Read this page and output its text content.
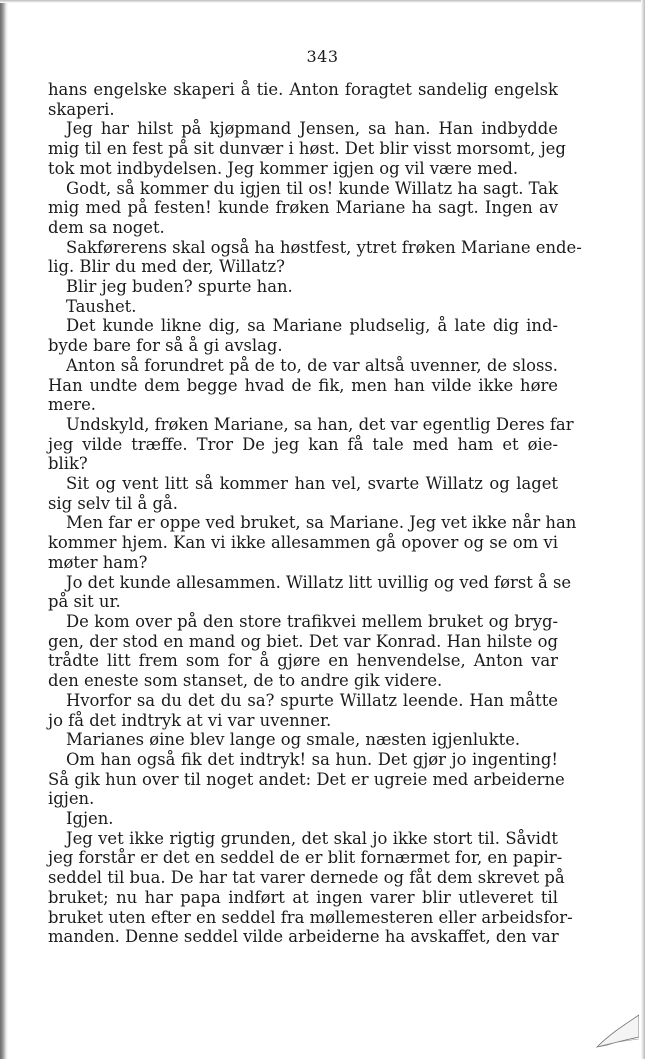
343
hans engelske skaperi å tie. Anton foragtet sandelig engelsk
skaperi.
Jeg har hilst på kjøpmand Jensen, sa han. Han indbydde
mig til en fest på sit dunvær i høst. Det blir visst morsomt, jeg
tok mot indbydelsen. Jeg kommer igjen og vil være med.
Godt, så kommer du igjen til os! kunde Willatz ha sagt. Tak
mig med på festen! kunde frøken Mariane ha sagt. Ingen av
dem sa noget.
Sakførerens skal også ha høstfest, ytret frøken Mariane ende-
lig. Blir du med der, Willatz?
Blir jeg buden? spurte han.
Taushet.
Det kunde likne dig, sa Mariane pludselig, å late dig ind-
byde bare for så å gi avslag.
Anton så forundret på de to, de var altså uvenner, de sloss.
Han undte dem begge hvad de fik, men han vilde ikke høre
mere.
Undskyld, frøken Mariane, sa han, det var egentlig Deres far
jeg vilde træffe. Tror De jeg kan få tale med ham et øie-
blik?
Sit og vent litt så kommer han vel, svarte Willatz og laget
sig selv til å gå.
Men far er oppe ved bruket, sa Mariane. Jeg vet ikke når han
kommer hjem. Kan vi ikke allesammen gå opover og se om vi
møter ham?
Jo det kunde allesammen. Willatz litt uvillig og ved først å se
på sit ur.
De kom over på den store trafikvei mellem bruket og bryg-
gen, der stod en mand og biet. Det var Konrad. Han hilste og
trådte litt frem som for å gjøre en henvendelse, Anton var
den eneste som stanset, de to andre gik videre.
Hvorfor sa du det du sa? spurte Willatz leende. Han måtte
jo få det indtryk at vi var uvenner.
Marianes øine blev lange og smale, næsten igjenlukte.
Om han også fik det indtryk! sa hun. Det gjør jo ingenting!
Så gik hun over til noget andet: Det er ugreie med arbeiderne
igjen.
Igjen.
Jeg vet ikke rigtig grunden, det skal jo ikke stort til. Såvidt
jeg forstår er det en seddel de er blit fornærmet for, en papir-
seddel til bua. De har tat varer dernede og fåt dem skrevet på
bruket; nu har papa indført at ingen varer blir utleveret til
bruket uten efter en seddel fra møllemesteren eller arbeidsfor-
manden. Denne seddel vilde arbeiderne ha avskaffet, den var
